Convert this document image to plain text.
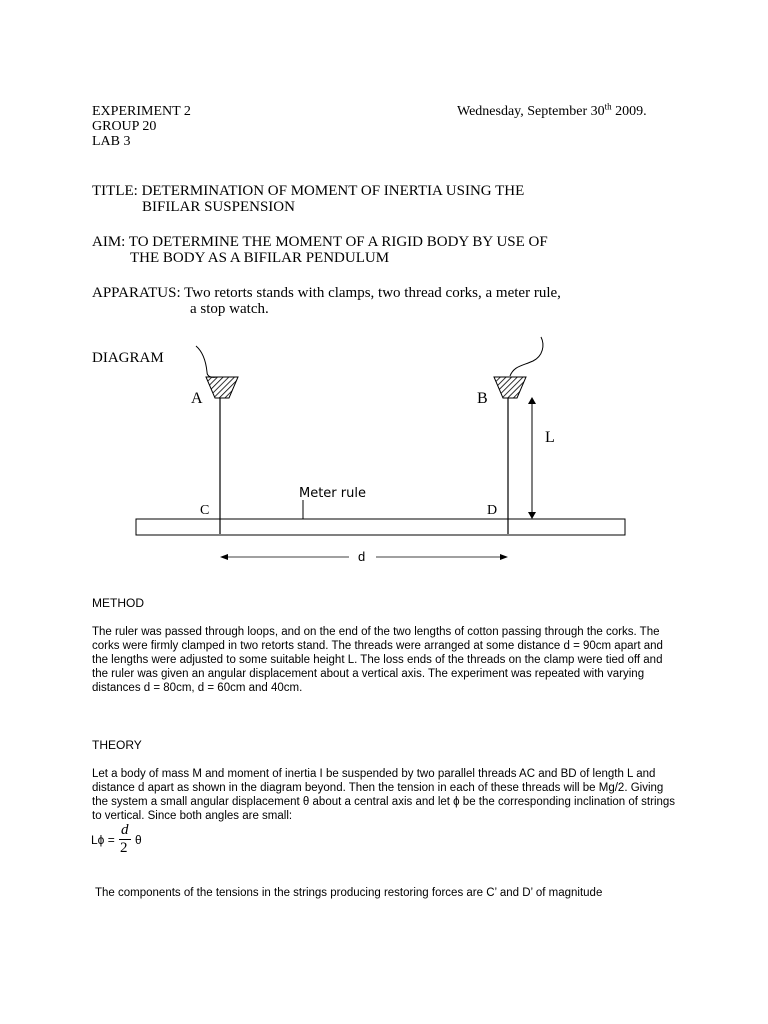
EXPERIMENT 2
GROUP 20
LAB 3
Wednesday, September 30th 2009.
TITLE: DETERMINATION OF MOMENT OF INERTIA USING THE
BIFILAR SUSPENSION
AIM: TO DETERMINE THE MOMENT OF A RIGID BODY BY USE OF
THE BODY AS A BIFILAR PENDULUM
APPARATUS: Two retorts stands with clamps, two thread corks, a meter rule,
a stop watch.
DIAGRAM
A	B
L
C	D
Meter rule
d
METHOD
The ruler was passed through loops, and on the end of the two lengths of cotton passing through the corks. The corks were firmly clamped in two retorts stand. The threads were arranged at some distance d = 90cm apart and the lengths were adjusted to some suitable height L. The loss ends of the threads on the clamp were tied off and the ruler was given an angular displacement about a vertical axis. The experiment was repeated with varying distances d = 80cm, d = 60cm and 40cm.
THEORY
Let a body of mass M and moment of inertia I be suspended by two parallel threads AC and BD of length L and distance d apart as shown in the diagram beyond. Then the tension in each of these threads will be Mg/2. Giving the system a small angular displacement θ about a central axis and let ϕ be the corresponding inclination of strings to vertical. Since both angles are small:
Lϕ =
d
2 θ
The components of the tensions in the strings producing restoring forces are C’ and D’ of magnitude
